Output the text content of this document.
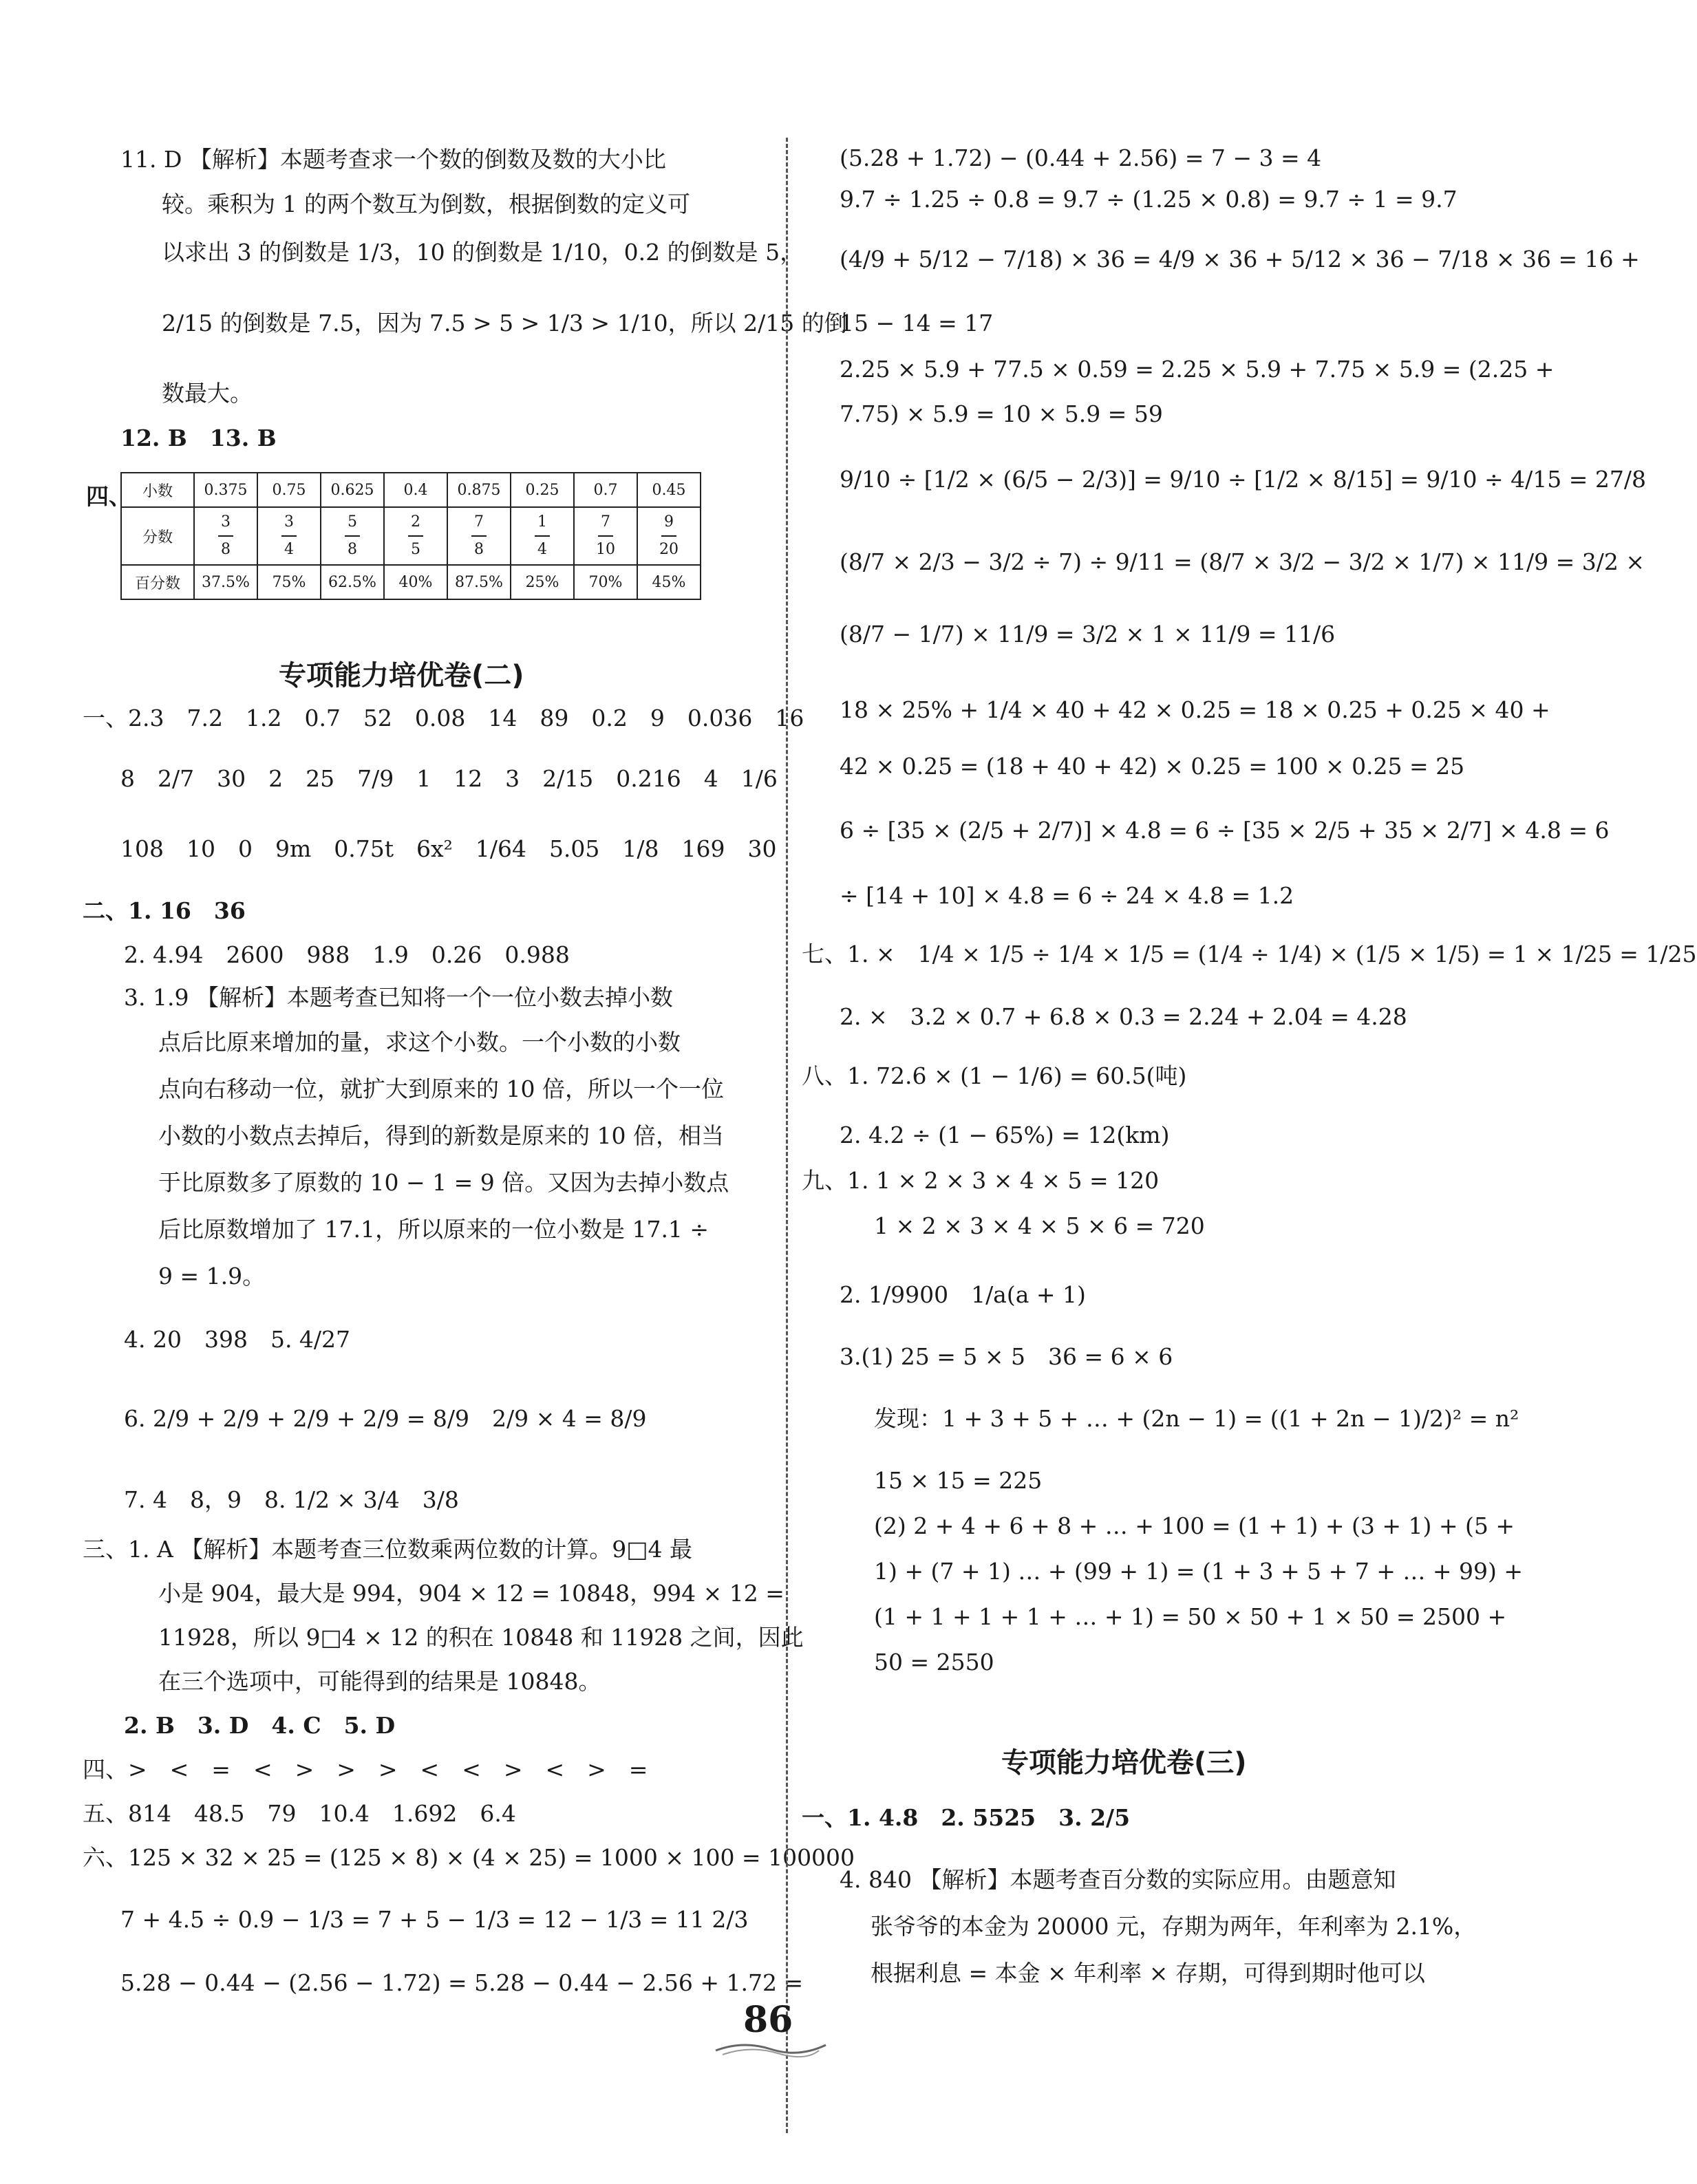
11. D 【解析】本题考查求一个数的倒数及数的大小比
较。乘积为 1 的两个数互为倒数，根据倒数的定义可
以求出 3 的倒数是 1/3，10 的倒数是 1/10，0.2 的倒数是 5，
2/15 的倒数是 7.5，因为 7.5 > 5 > 1/3 > 1/10，所以 2/15 的倒
数最大。
12. B　13. B
四、 小数	0.375	0.75	0.625	0.4	0.875	0.25	0.7	0.45
分数	$\frac{3}{8}$	$\frac{3}{4}$	$\frac{5}{8}$	$\frac{2}{5}$	$\frac{7}{8}$	$\frac{1}{4}$	$\frac{7}{10}$	$\frac{9}{20}$

百分数	37.5%	75%	62.5%	40%	87.5%	25%	70%	45%
专项能力培优卷(二)
一、2.3　7.2　1.2　0.7　52　0.08　14　89　0.2　9　0.036　16
8　2/7　30　2　25　7/9　1　12　3　2/15　0.216　4　1/6
108　10　0　9m　0.75t　6x²　1/64　5.05　1/8　169　30
二、1. 16　36
2. 4.94　2600　988　1.9　0.26　0.988
3. 1.9 【解析】本题考查已知将一个一位小数去掉小数
点后比原来增加的量，求这个小数。一个小数的小数
点向右移动一位，就扩大到原来的 10 倍，所以一个一位
小数的小数点去掉后，得到的新数是原来的 10 倍，相当
于比原数多了原数的 10 − 1 = 9 倍。又因为去掉小数点
后比原数增加了 17.1，所以原来的一位小数是 17.1 ÷
9 = 1.9。
4. 20　398　5. 4/27
6. 2/9 + 2/9 + 2/9 + 2/9 = 8/9　2/9 × 4 = 8/9
7. 4　8，9　8. 1/2 × 3/4　3/8
三、1. A 【解析】本题考查三位数乘两位数的计算。9□4 最
小是 904，最大是 994，904 × 12 = 10848，994 × 12 =
11928，所以 9□4 × 12 的积在 10848 和 11928 之间，因此
在三个选项中，可能得到的结果是 10848。
2. B　3. D　4. C　5. D
四、>　<　=　<　>　>　>　<　<　>　<　>　=
五、814　48.5　79　10.4　1.692　6.4
六、125 × 32 × 25 = (125 × 8) × (4 × 25) = 1000 × 100 = 100000
7 + 4.5 ÷ 0.9 − 1/3 = 7 + 5 − 1/3 = 12 − 1/3 = 11 2/3
5.28 − 0.44 − (2.56 − 1.72) = 5.28 − 0.44 − 2.56 + 1.72 =
(5.28 + 1.72) − (0.44 + 2.56) = 7 − 3 = 4
9.7 ÷ 1.25 ÷ 0.8 = 9.7 ÷ (1.25 × 0.8) = 9.7 ÷ 1 = 9.7
(4/9 + 5/12 − 7/18) × 36 = 4/9 × 36 + 5/12 × 36 − 7/18 × 36 = 16 +
15 − 14 = 17
2.25 × 5.9 + 77.5 × 0.59 = 2.25 × 5.9 + 7.75 × 5.9 = (2.25 +
7.75) × 5.9 = 10 × 5.9 = 59
9/10 ÷ [1/2 × (6/5 − 2/3)] = 9/10 ÷ [1/2 × 8/15] = 9/10 ÷ 4/15 = 27/8
(8/7 × 2/3 − 3/2 ÷ 7) ÷ 9/11 = (8/7 × 3/2 − 3/2 × 1/7) × 11/9 = 3/2 ×
(8/7 − 1/7) × 11/9 = 3/2 × 1 × 11/9 = 11/6
18 × 25% + 1/4 × 40 + 42 × 0.25 = 18 × 0.25 + 0.25 × 40 +
42 × 0.25 = (18 + 40 + 42) × 0.25 = 100 × 0.25 = 25
6 ÷ [35 × (2/5 + 2/7)] × 4.8 = 6 ÷ [35 × 2/5 + 35 × 2/7] × 4.8 = 6
÷ [14 + 10] × 4.8 = 6 ÷ 24 × 4.8 = 1.2
七、1. ×　1/4 × 1/5 ÷ 1/4 × 1/5 = (1/4 ÷ 1/4) × (1/5 × 1/5) = 1 × 1/25 = 1/25
2. ×　3.2 × 0.7 + 6.8 × 0.3 = 2.24 + 2.04 = 4.28
八、1. 72.6 × (1 − 1/6) = 60.5(吨)
2. 4.2 ÷ (1 − 65%) = 12(km)
九、1. 1 × 2 × 3 × 4 × 5 = 120
1 × 2 × 3 × 4 × 5 × 6 = 720
2. 1/9900　1/a(a + 1)
3.(1) 25 = 5 × 5　36 = 6 × 6
发现：1 + 3 + 5 + … + (2n − 1) = ((1 + 2n − 1)/2)² = n²
15 × 15 = 225
(2) 2 + 4 + 6 + 8 + … + 100 = (1 + 1) + (3 + 1) + (5 +
1) + (7 + 1) … + (99 + 1) = (1 + 3 + 5 + 7 + … + 99) +
(1 + 1 + 1 + 1 + … + 1) = 50 × 50 + 1 × 50 = 2500 +
50 = 2550
专项能力培优卷(三)
一、1. 4.8　2. 5525　3. 2/5
4. 840 【解析】本题考查百分数的实际应用。由题意知
张爷爷的本金为 20000 元，存期为两年，年利率为 2.1%，
根据利息 = 本金 × 年利率 × 存期，可得到期时他可以
86
